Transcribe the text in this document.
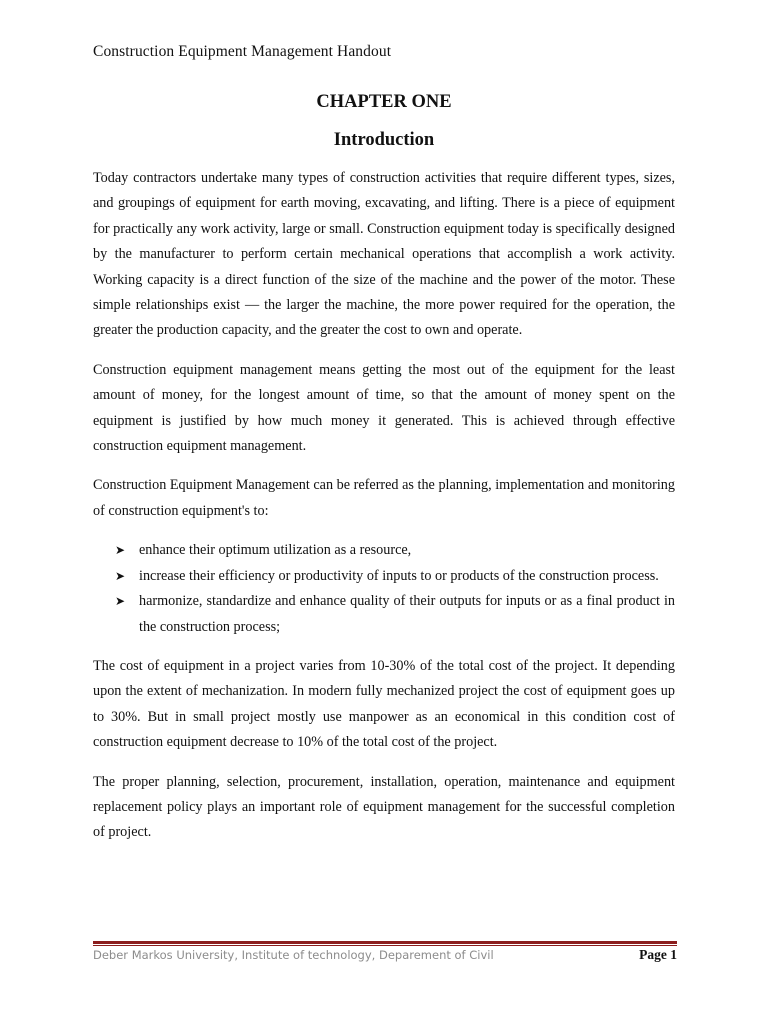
Construction Equipment Management Handout
CHAPTER ONE
Introduction

Today contractors undertake many types of construction activities that require different types, sizes, and groupings of equipment for earth moving, excavating, and lifting. There is a piece of equipment for practically any work activity, large or small. Construction equipment today is specifically designed by the manufacturer to perform certain mechanical operations that accomplish a work activity. Working capacity is a direct function of the size of the machine and the power of the motor. These simple relationships exist — the larger the machine, the more power required for the operation, the greater the production capacity, and the greater the cost to own and operate.

Construction equipment management means getting the most out of the equipment for the least amount of money, for the longest amount of time, so that the amount of money spent on the equipment is justified by how much money it generated. This is achieved through effective construction equipment management.

Construction Equipment Management can be referred as the planning, implementation and monitoring of construction equipment's to:

➤ enhance their optimum utilization as a resource,
➤ increase their efficiency or productivity of inputs to or products of the construction process.
➤ harmonize, standardize and enhance quality of their outputs for inputs or as a final product in the construction process;

The cost of equipment in a project varies from 10-30% of the total cost of the project. It depending upon the extent of mechanization. In modern fully mechanized project the cost of equipment goes up to 30%. But in small project mostly use manpower as an economical in this condition cost of construction equipment decrease to 10% of the total cost of the project.

The proper planning, selection, procurement, installation, operation, maintenance and equipment replacement policy plays an important role of equipment management for the successful completion of project.

Deber Markos University, Institute of technology, Deparement of Civil	Page 1
